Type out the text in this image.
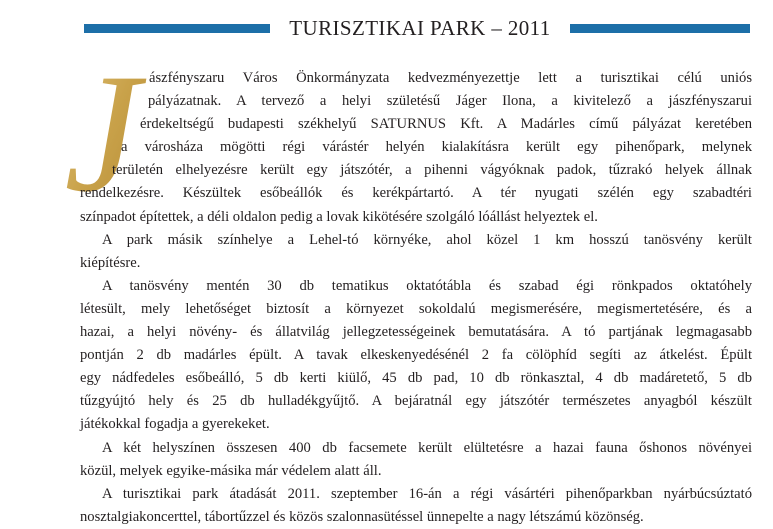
TURISZTIKAI PARK – 2011
J ászfényszaru Város Önkormányzata kedvezményezettje lett a turisztikai célú uniós
pályázatnak. A tervező a helyi születésű Jáger Ilona, a kivitelező a jászfényszarui
érdekeltségű budapesti székhelyű SATURNUS Kft. A Madárles című pályázat keretében
a városháza mögötti régi várástér helyén kialakításra került egy pihenőpark, melynek
területén elhelyezésre került egy játszótér, a pihenni vágyóknak padok, tűzrakó helyek állnak
rendelkezésre. Készültek esőbeállók és kerékpártartó. A tér nyugati szélén egy szabadtéri
színpadot építettek, a déli oldalon pedig a lovak kikötésére szolgáló lóállást helyeztek el.
A park másik színhelye a Lehel-tó környéke, ahol közel 1 km hosszú tanösvény került
kiépítésre.
A tanösvény mentén 30 db tematikus oktatótábla és szabad égi rönkpados oktatóhely
létesült, mely lehetőséget biztosít a környezet sokoldalú megismerésére, megismertetésére, és a
hazai, a helyi növény- és állatvilág jellegzetességeinek bemutatására. A tó partjának legmagasabb
pontján 2 db madárles épült. A tavak elkeskenyedésénél 2 fa cölöphíd segíti az átkelést. Épült
egy nádfedeles esőbeálló, 5 db kerti kiülő, 45 db pad, 10 db rönkasztal, 4 db madáretető, 5 db
tűzgyújtó hely és 25 db hulladékgyűjtő. A bejáratnál egy játszótér természetes anyagból készült
játékokkal fogadja a gyerekeket.
A két helyszínen összesen 400 db facsemete került elültetésre a hazai fauna őshonos növényei
közül, melyek egyike-másika már védelem alatt áll.
A turisztikai park átadását 2011. szeptember 16-án a régi vásártéri pihenőparkban nyárbúcsúztató
nosztalgiakoncerttel, tábortűzzel és közös szalonnasütéssel ünnepelte a nagy létszámú közönség.
